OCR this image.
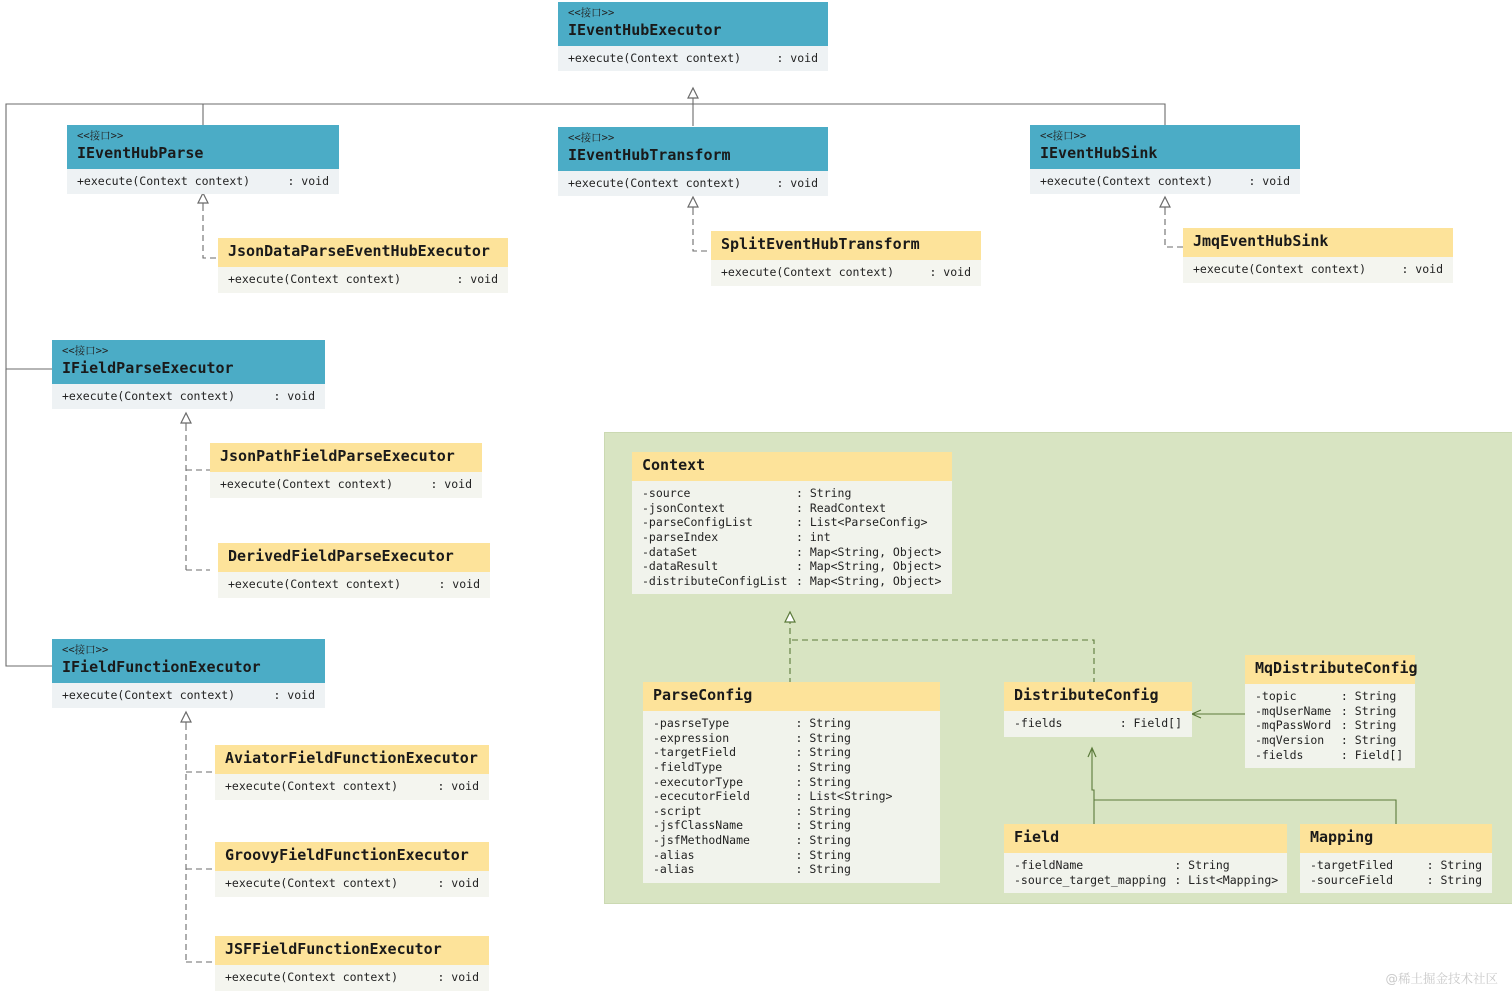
<<接口>>
IEventHubExecutor
+execute(Context context)	: void
<<接口>>
IEventHubParse
+execute(Context context)	: void
<<接口>>
IEventHubTransform
+execute(Context context)	: void
<<接口>>
IEventHubSink
+execute(Context context)	: void
JsonDataParseEventHubExecutor
+execute(Context context)	: void
SplitEventHubTransform
+execute(Context context)	: void
JmqEventHubSink
+execute(Context context)	: void
<<接口>>
IFieldParseExecutor
+execute(Context context)	: void
JsonPathFieldParseExecutor
+execute(Context context)	: void
DerivedFieldParseExecutor
+execute(Context context)	: void
<<接口>>
IFieldFunctionExecutor
+execute(Context context)	: void
AviatorFieldFunctionExecutor
+execute(Context context)	: void
GroovyFieldFunctionExecutor
+execute(Context context)	: void
JSFFieldFunctionExecutor
+execute(Context context)	: void
Context
-source	: String
-jsonContext	: ReadContext
-parseConfigList	: List<ParseConfig>
-parseIndex	: int
-dataSet	: Map<String, Object>
-dataResult	: Map<String, Object>
-distributeConfigList : Map<String, Object>
ParseConfig
-pasrseType	: String
-expression	: String
-targetField	: String
-fieldType	: String
-executorType	: String
-ececutorField	: List<String>
-script	: String
-jsfClassName	: String
-jsfMethodName	: String
-alias	: String
-alias	: String
DistributeConfig
-fields	: Field[]
MqDistributeConfig
-topic	: String
-mqUserName : String
-mqPassWord : String
-mqVersion	: String
-fields	: Field[]
Field
-fieldName	: String
-source_target_mapping : List<Mapping>
Mapping
-targetFiled	: String
-sourceField	: String
@稀土掘金技术社区
